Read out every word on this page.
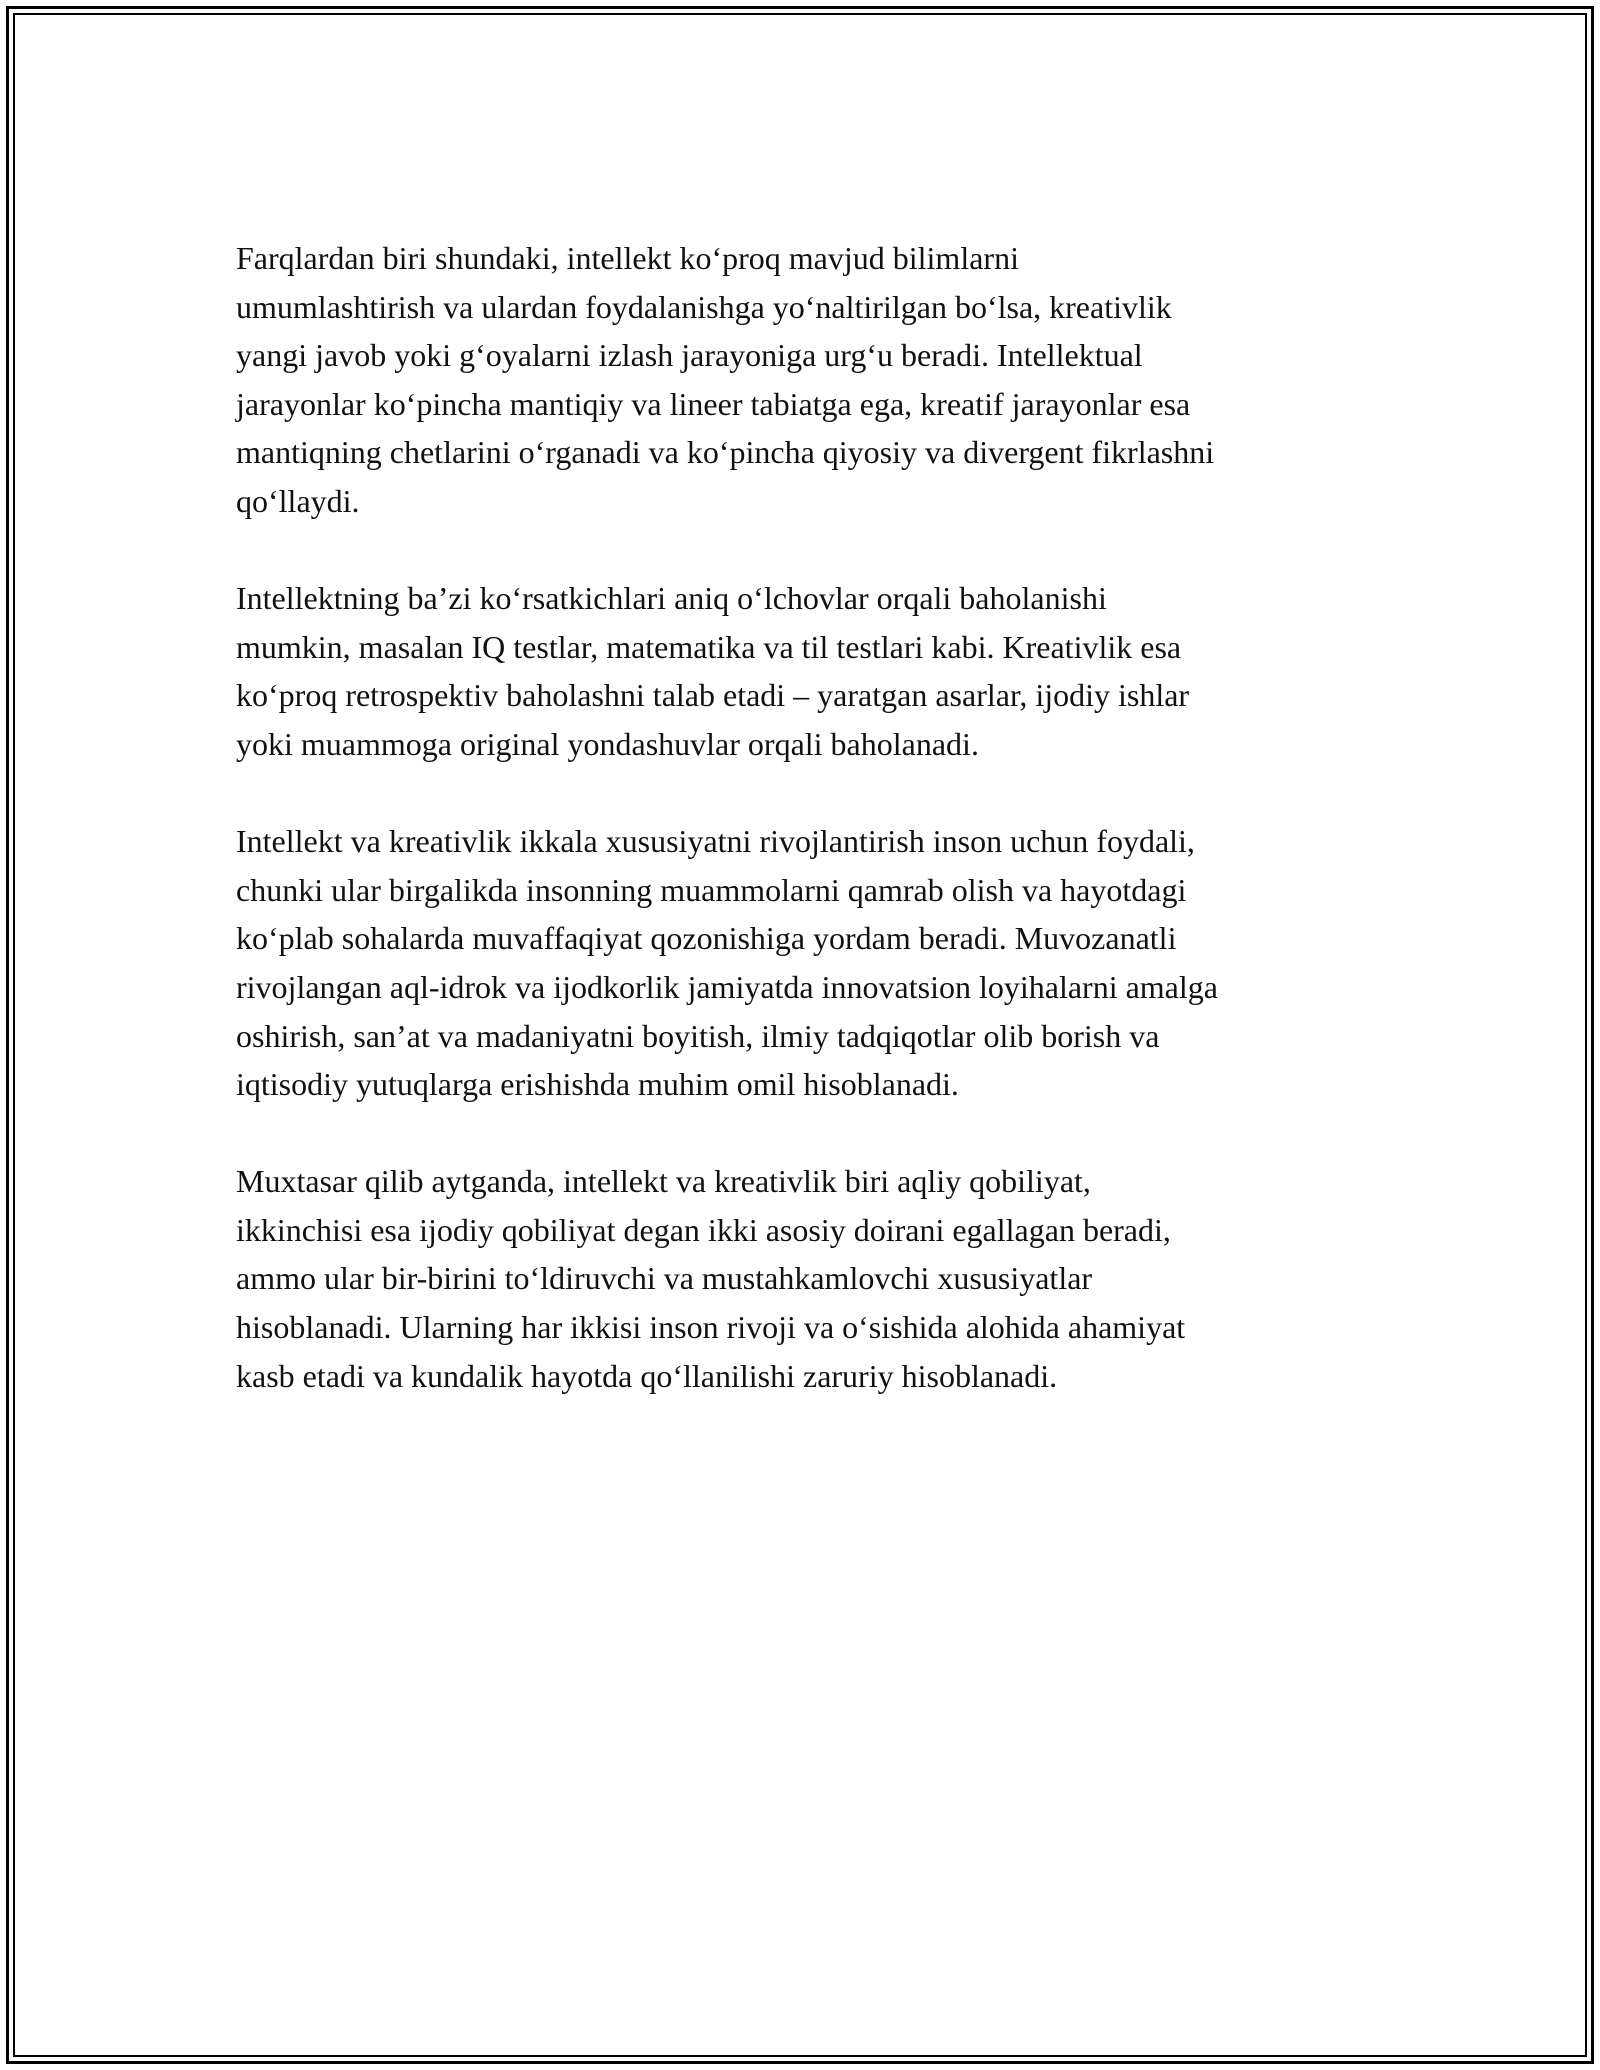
Farqlardan biri shundaki, intellekt ko‘proq mavjud bilimlarni
umumlashtirish va ulardan foydalanishga yo‘naltirilgan bo‘lsa, kreativlik
yangi javob yoki g‘oyalarni izlash jarayoniga urg‘u beradi. Intellektual
jarayonlar ko‘pincha mantiqiy va lineer tabiatga ega, kreatif jarayonlar esa
mantiqning chetlarini o‘rganadi va ko‘pincha qiyosiy va divergent fikrlashni
qo‘llaydi.

Intellektning ba’zi ko‘rsatkichlari aniq o‘lchovlar orqali baholanishi
mumkin, masalan IQ testlar, matematika va til testlari kabi. Kreativlik esa
ko‘proq retrospektiv baholashni talab etadi – yaratgan asarlar, ijodiy ishlar
yoki muammoga original yondashuvlar orqali baholanadi.

Intellekt va kreativlik ikkala xususiyatni rivojlantirish inson uchun foydali,
chunki ular birgalikda insonning muammolarni qamrab olish va hayotdagi
ko‘plab sohalarda muvaffaqiyat qozonishiga yordam beradi. Muvozanatli
rivojlangan aql-idrok va ijodkorlik jamiyatda innovatsion loyihalarni amalga
oshirish, san’at va madaniyatni boyitish, ilmiy tadqiqotlar olib borish va
iqtisodiy yutuqlarga erishishda muhim omil hisoblanadi.

Muxtasar qilib aytganda, intellekt va kreativlik biri aqliy qobiliyat,
ikkinchisi esa ijodiy qobiliyat degan ikki asosiy doirani egallagan beradi,
ammo ular bir-birini to‘ldiruvchi va mustahkamlovchi xususiyatlar
hisoblanadi. Ularning har ikkisi inson rivoji va o‘sishida alohida ahamiyat
kasb etadi va kundalik hayotda qo‘llanilishi zaruriy hisoblanadi.
